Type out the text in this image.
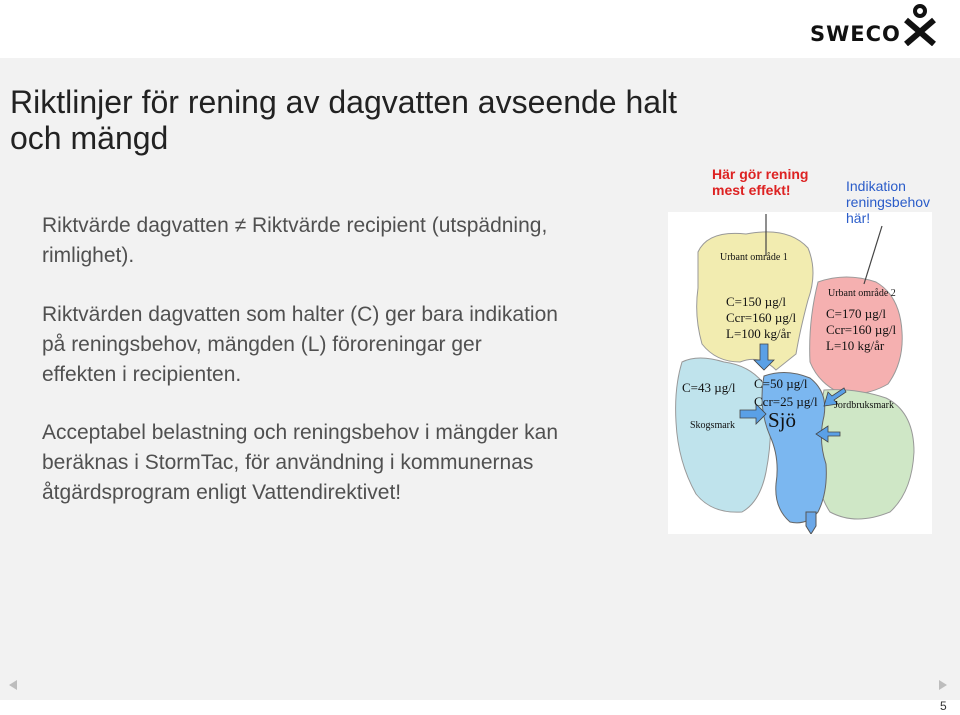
SWECO
Riktlinjer för rening av dagvatten avseende halt
och mängd

Riktvärde dagvatten ≠ Riktvärde recipient (utspädning,
rimlighet).

Riktvärden dagvatten som halter (C) ger bara indikation
på reningsbehov, mängden (L) föroreningar ger
effekten i recipienten.

Acceptabel belastning och reningsbehov i mängder kan
beräknas i StormTac, för användning i kommunernas
åtgärdsprogram enligt Vattendirektivet!

Urbant område 1
C=150 µg/l
Ccr=160 µg/l
L=100 kg/år
Urbant område 2
C=170 µg/l
Ccr=160 µg/l
L=10 kg/år
C=43 µg/l
Skogsmark
C=50 µg/l
Ccr=25 µg/l
Sjö
Jordbruksmark
Här gör rening
mest effekt!	Indikation
reningsbehov
här!
5
